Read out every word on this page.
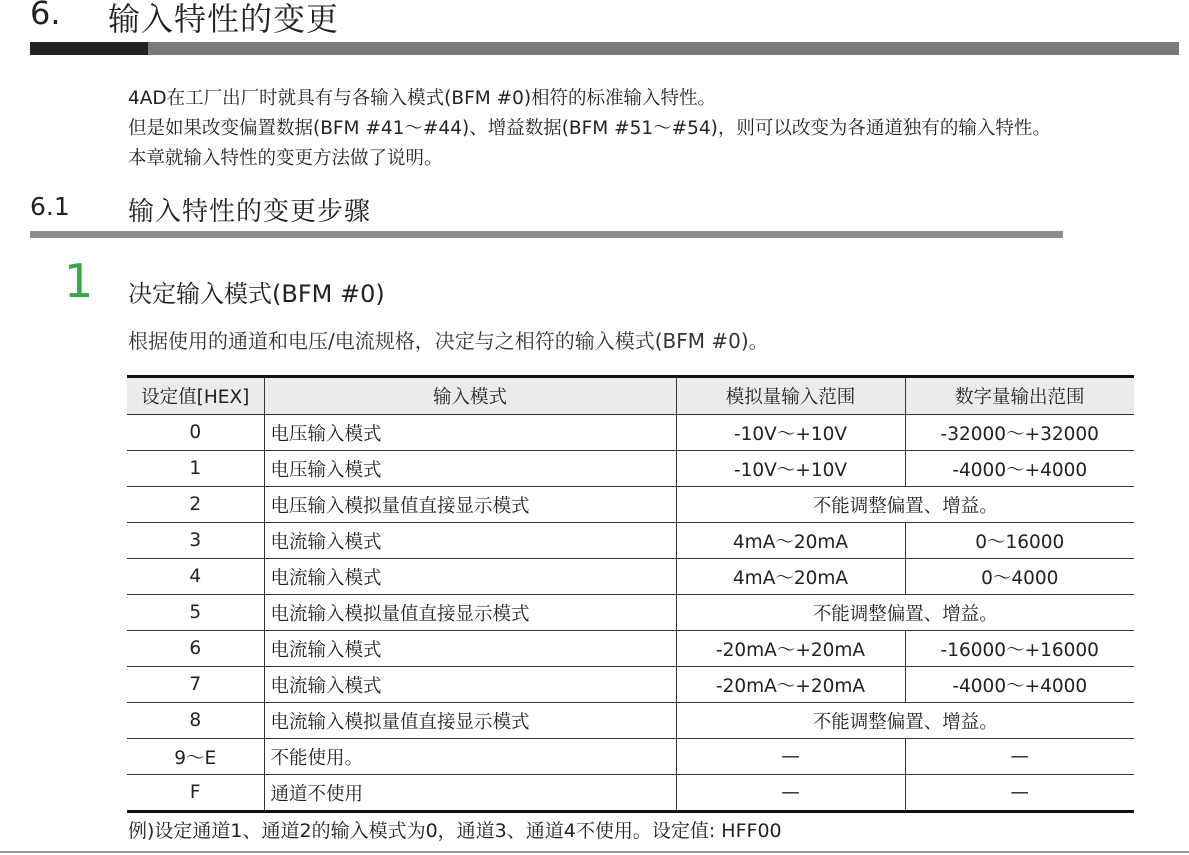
6. 输入特性的变更
4AD在工厂出厂时就具有与各输入模式(BFM #0)相符的标准输入特性。
但是如果改变偏置数据(BFM #41～#44)、增益数据(BFM #51～#54)，则可以改变为各通道独有的输入特性。
本章就输入特性的变更方法做了说明。
6.1 输入特性的变更步骤
1 决定输入模式(BFM #0)
根据使用的通道和电压/电流规格，决定与之相符的输入模式(BFM #0)。
设定值[HEX]	输入模式	模拟量输入范围	数字量输出范围
0	电压输入模式	-10V～+10V	-32000～+32000
1	电压输入模式	-10V～+10V	-4000～+4000
2	电压输入模拟量值直接显示模式	不能调整偏置、增益。	
3	电流输入模式	4mA～20mA	0～16000
4	电流输入模式	4mA～20mA	0～4000
5	电流输入模拟量值直接显示模式	不能调整偏置、增益。	
6	电流输入模式	-20mA～+20mA	-16000～+16000
7	电流输入模式	-20mA～+20mA	-4000～+4000
8	电流输入模拟量值直接显示模式	不能调整偏置、增益。	
9～E	不能使用。	—	—
F	通道不使用	—	—
例)设定通道1、通道2的输入模式为0，通道3、通道4不使用。设定值: HFF00
